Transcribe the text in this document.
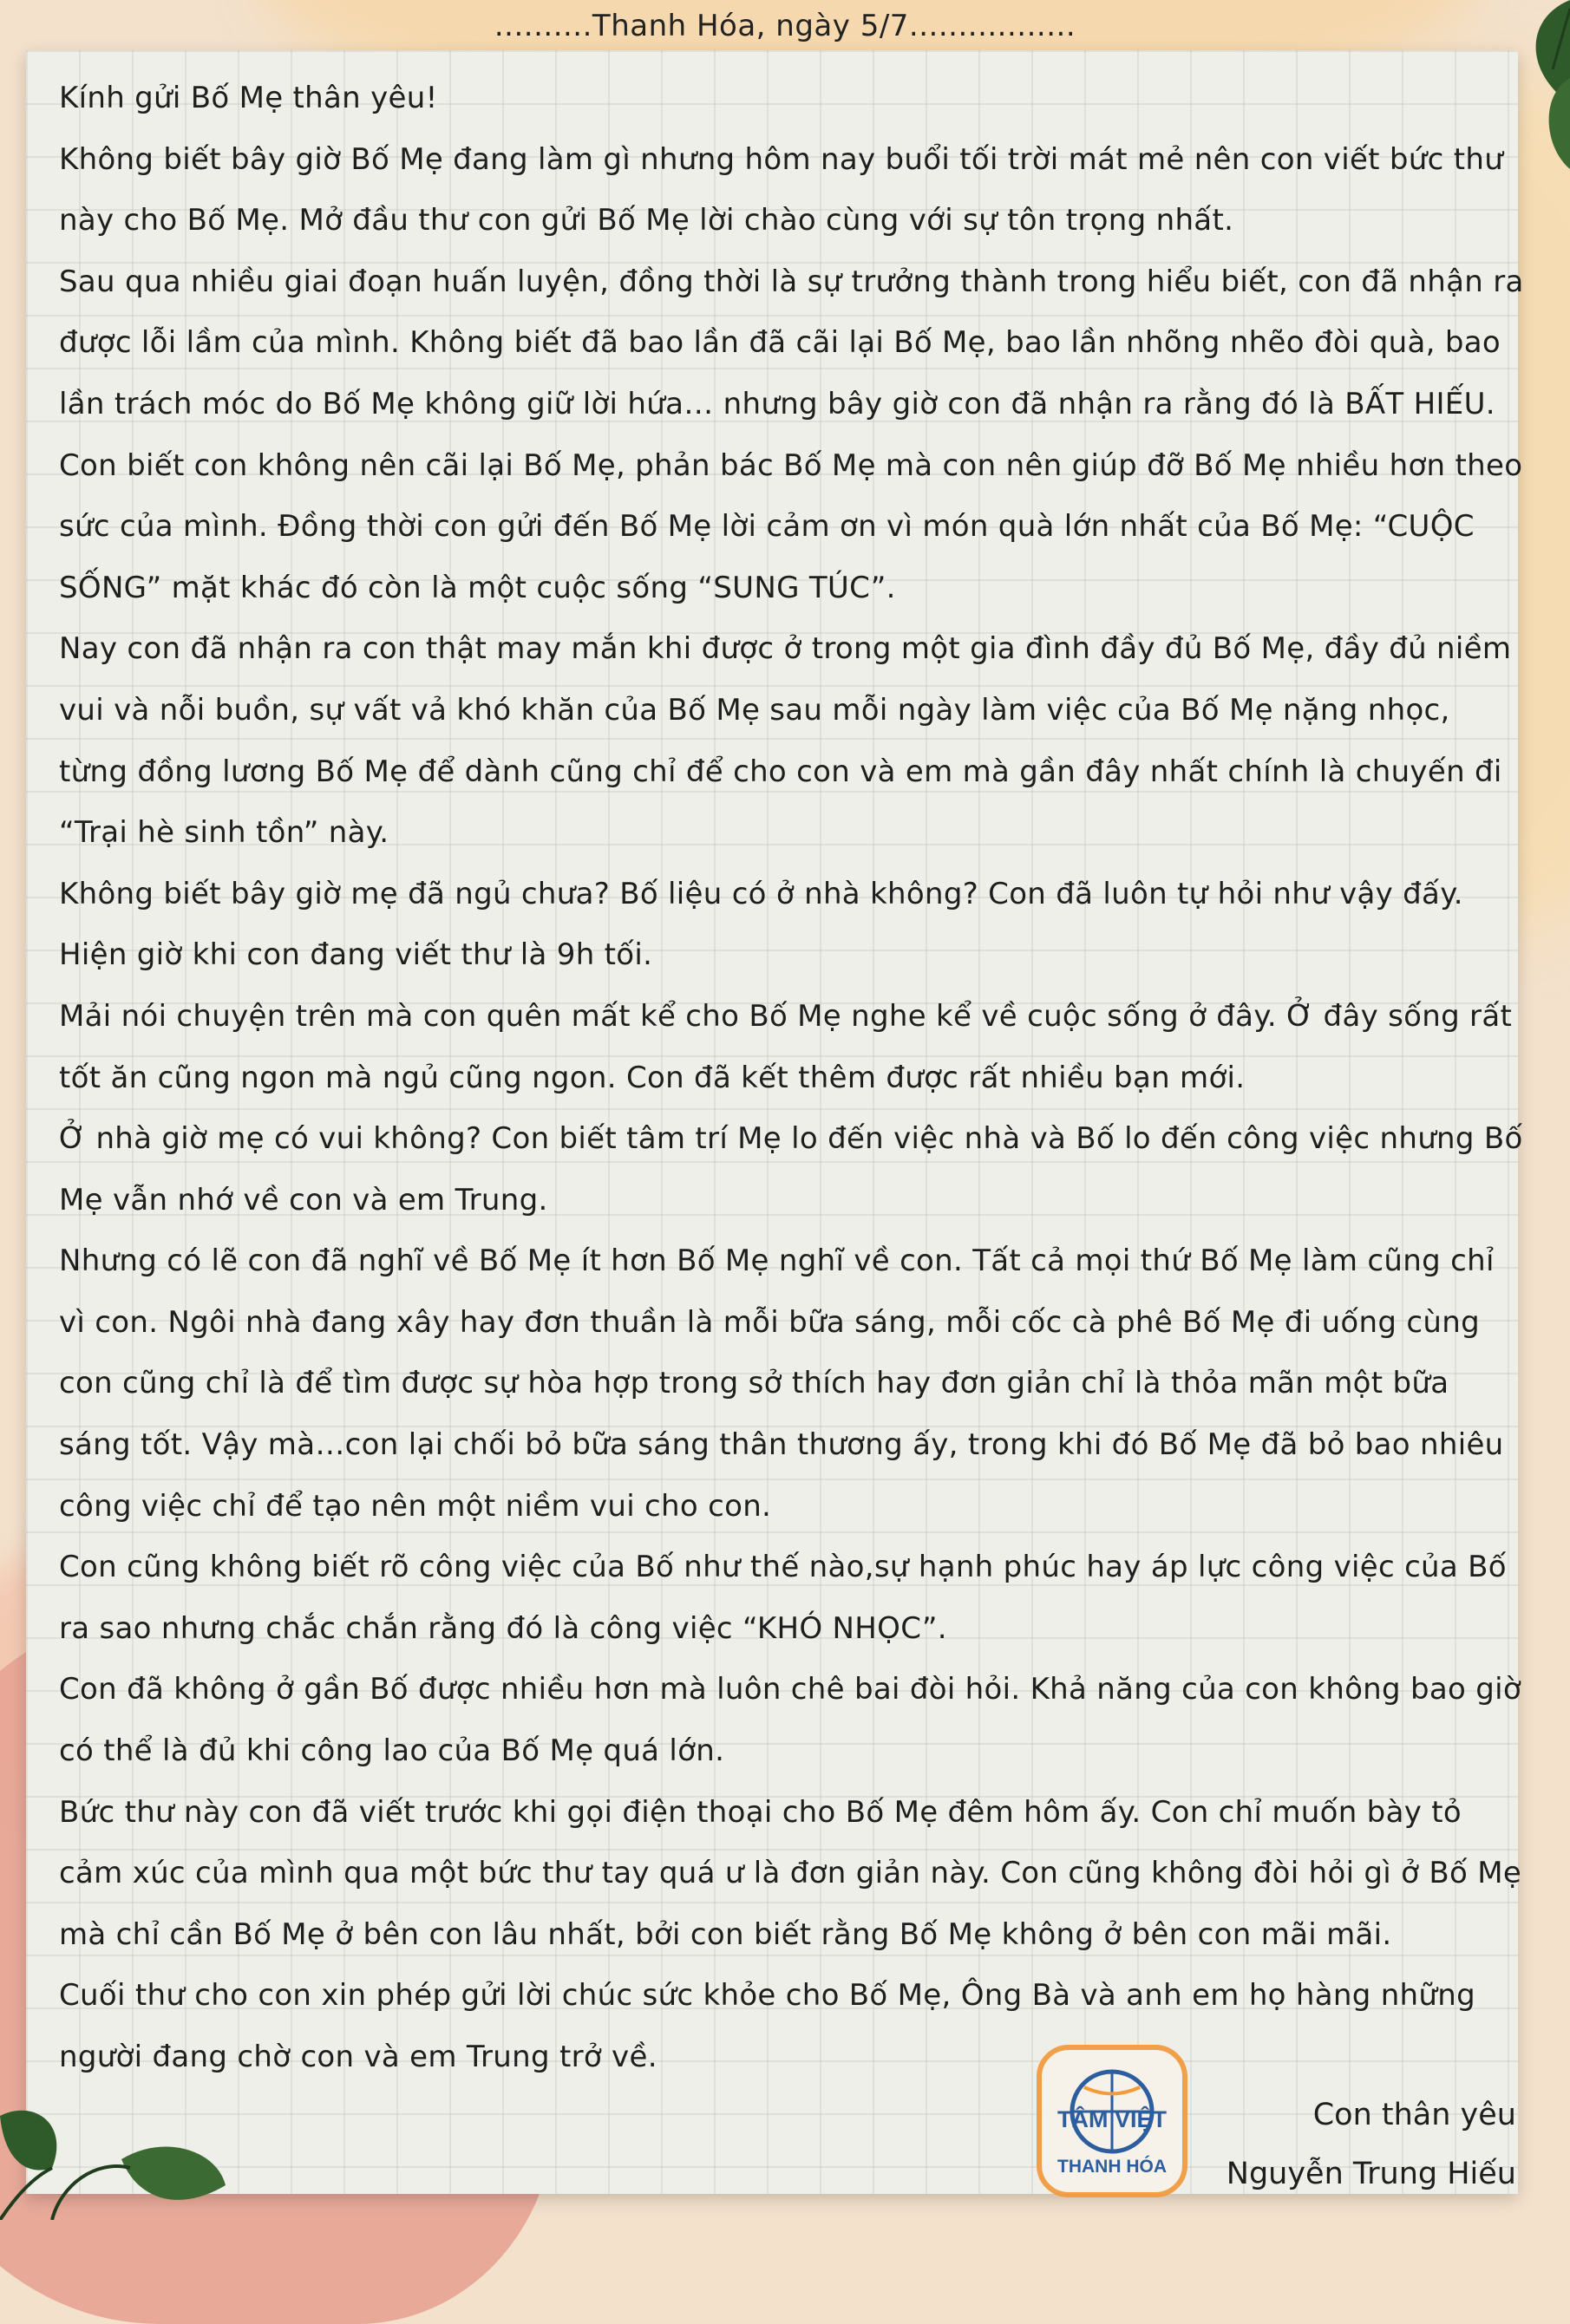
..........Thanh Hóa, ngày 5/7.................

Kính gửi Bố Mẹ thân yêu!

Không biết bây giờ Bố Mẹ đang làm gì nhưng hôm nay buổi tối trời mát mẻ nên con viết bức thư này cho Bố Mẹ. Mở đầu thư con gửi Bố Mẹ lời chào cùng với sự tôn trọng nhất.

Sau qua nhiều giai đoạn huấn luyện, đồng thời là sự trưởng thành trong hiểu biết, con đã nhận ra được lỗi lầm của mình. Không biết đã bao lần đã cãi lại Bố Mẹ, bao lần nhõng nhẽo đòi quà, bao lần trách móc do Bố Mẹ không giữ lời hứa… nhưng bây giờ con đã nhận ra rằng đó là BẤT HIẾU.

Con biết con không nên cãi lại Bố Mẹ, phản bác Bố Mẹ mà con nên giúp đỡ Bố Mẹ nhiều hơn theo sức của mình. Đồng thời con gửi đến Bố Mẹ lời cảm ơn vì món quà lớn nhất của Bố Mẹ: “CUỘC SỐNG” mặt khác đó còn là một cuộc sống “SUNG TÚC”.

Nay con đã nhận ra con thật may mắn khi được ở trong một gia đình đầy đủ Bố Mẹ, đầy đủ niềm vui và nỗi buồn, sự vất vả khó khăn của Bố Mẹ sau mỗi ngày làm việc của Bố Mẹ nặng nhọc, từng đồng lương Bố Mẹ để dành cũng chỉ để cho con và em mà gần đây nhất chính là chuyến đi “Trại hè sinh tồn” này.

Không biết bây giờ mẹ đã ngủ chưa? Bố liệu có ở nhà không? Con đã luôn tự hỏi như vậy đấy. Hiện giờ khi con đang viết thư là 9h tối.

Mải nói chuyện trên mà con quên mất kể cho Bố Mẹ nghe kể về cuộc sống ở đây. Ở đây sống rất tốt ăn cũng ngon mà ngủ cũng ngon. Con đã kết thêm được rất nhiều bạn mới.

Ở nhà giờ mẹ có vui không? Con biết tâm trí Mẹ lo đến việc nhà và Bố lo đến công việc nhưng Bố Mẹ vẫn nhớ về con và em Trung.

Nhưng có lẽ con đã nghĩ về Bố Mẹ ít hơn Bố Mẹ nghĩ về con. Tất cả mọi thứ Bố Mẹ làm cũng chỉ vì con. Ngôi nhà đang xây hay đơn thuần là mỗi bữa sáng, mỗi cốc cà phê Bố Mẹ đi uống cùng con cũng chỉ là để tìm được sự hòa hợp trong sở thích hay đơn giản chỉ là thỏa mãn một bữa sáng tốt. Vậy mà…con lại chối bỏ bữa sáng thân thương ấy, trong khi đó Bố Mẹ đã bỏ bao nhiêu công việc chỉ để tạo nên một niềm vui cho con.

Con cũng không biết rõ công việc của Bố như thế nào,sự hạnh phúc hay áp lực công việc của Bố ra sao nhưng chắc chắn rằng đó là công việc “KHÓ NHỌC”.

Con đã không ở gần Bố được nhiều hơn mà luôn chê bai đòi hỏi. Khả năng của con không bao giờ có thể là đủ khi công lao của Bố Mẹ quá lớn.

Bức thư này con đã viết trước khi gọi điện thoại cho Bố Mẹ đêm hôm ấy. Con chỉ muốn bày tỏ cảm xúc của mình qua một bức thư tay quá ư là đơn giản này. Con cũng không đòi hỏi gì ở Bố Mẹ mà chỉ cần Bố Mẹ ở bên con lâu nhất, bởi con biết rằng Bố Mẹ không ở bên con mãi mãi.

Cuối thư cho con xin phép gửi lời chúc sức khỏe cho Bố Mẹ, Ông Bà và anh em họ hàng những người đang chờ con và em Trung trở về.

Con thân yêu
Nguyễn Trung Hiếu
TÂM VIỆT
THANH HÓA
